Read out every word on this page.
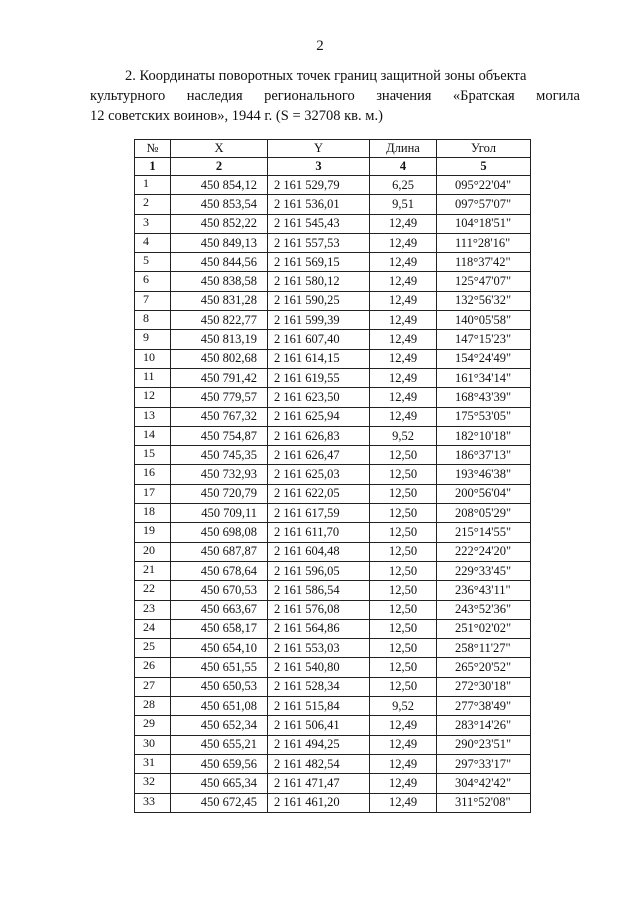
2
2. Координаты поворотных точек границ защитной зоны объекта
культурного наследия регионального значения «Братская могила
12 советских воинов», 1944 г. (S = 32708 кв. м.)
№	X	Y	Длина	Угол
1	2	3	4	5
1	450 854,12	2 161 529,79	6,25	095°22'04"
2	450 853,54	2 161 536,01	9,51	097°57'07"
3	450 852,22	2 161 545,43	12,49	104°18'51"
4	450 849,13	2 161 557,53	12,49	111°28'16"
5	450 844,56	2 161 569,15	12,49	118°37'42"
6	450 838,58	2 161 580,12	12,49	125°47'07"
7	450 831,28	2 161 590,25	12,49	132°56'32"
8	450 822,77	2 161 599,39	12,49	140°05'58"
9	450 813,19	2 161 607,40	12,49	147°15'23"
10	450 802,68	2 161 614,15	12,49	154°24'49"
11	450 791,42	2 161 619,55	12,49	161°34'14"
12	450 779,57	2 161 623,50	12,49	168°43'39"
13	450 767,32	2 161 625,94	12,49	175°53'05"
14	450 754,87	2 161 626,83	9,52	182°10'18"
15	450 745,35	2 161 626,47	12,50	186°37'13"
16	450 732,93	2 161 625,03	12,50	193°46'38"
17	450 720,79	2 161 622,05	12,50	200°56'04"
18	450 709,11	2 161 617,59	12,50	208°05'29"
19	450 698,08	2 161 611,70	12,50	215°14'55"
20	450 687,87	2 161 604,48	12,50	222°24'20"
21	450 678,64	2 161 596,05	12,50	229°33'45"
22	450 670,53	2 161 586,54	12,50	236°43'11"
23	450 663,67	2 161 576,08	12,50	243°52'36"
24	450 658,17	2 161 564,86	12,50	251°02'02"
25	450 654,10	2 161 553,03	12,50	258°11'27"
26	450 651,55	2 161 540,80	12,50	265°20'52"
27	450 650,53	2 161 528,34	12,50	272°30'18"
28	450 651,08	2 161 515,84	9,52	277°38'49"
29	450 652,34	2 161 506,41	12,49	283°14'26"
30	450 655,21	2 161 494,25	12,49	290°23'51"
31	450 659,56	2 161 482,54	12,49	297°33'17"
32	450 665,34	2 161 471,47	12,49	304°42'42"
33	450 672,45	2 161 461,20	12,49	311°52'08"
